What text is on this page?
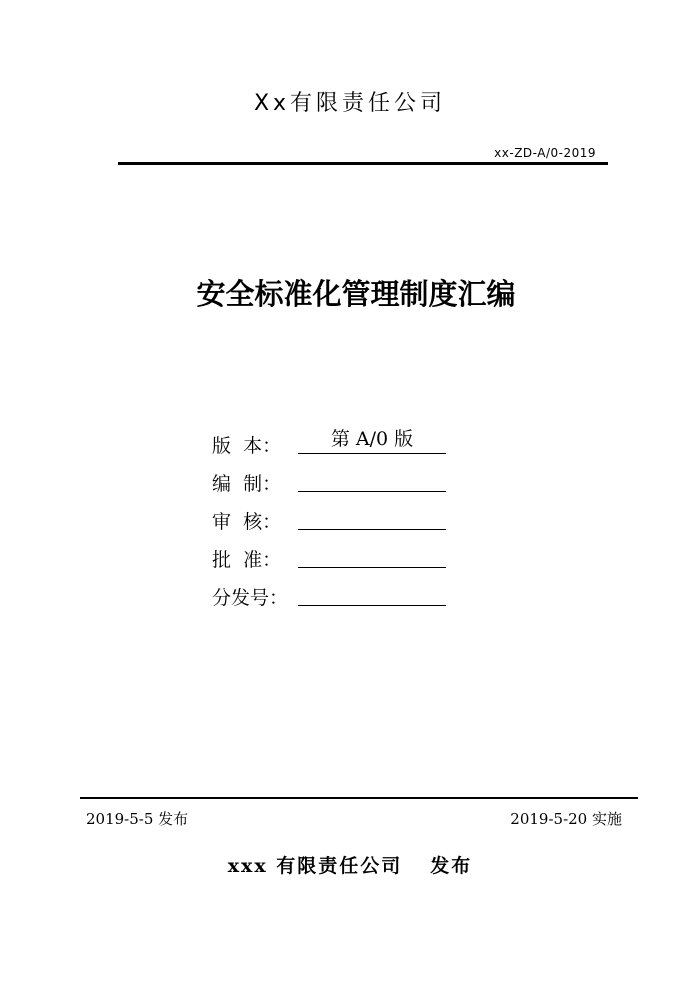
Xx有限责任公司
xx-ZD-A/0-2019
安全标准化管理制度汇编
版  本：	第 A/0 版
编  制：
审  核：
批  准：
分发号：
2019-5-5 发布	2019-5-20 实施
xxx 有限责任公司 发布
